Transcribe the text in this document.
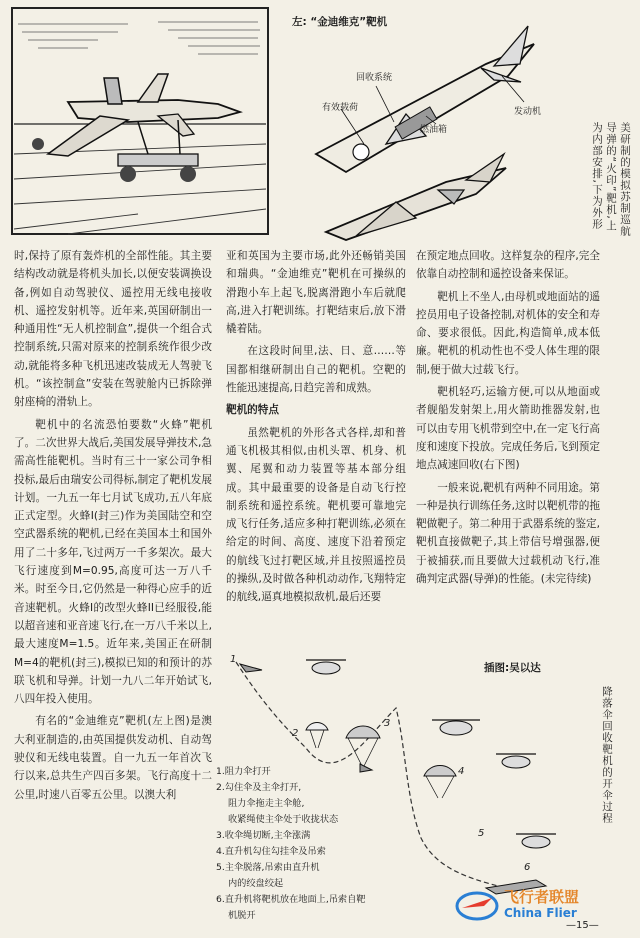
左: “金迪维克”靶机
回收系统
有效载荷
燃油箱
发动机
美研制的模拟苏制巡航导弹的“火印”靶机,上为内部安排,下为外形

时,保持了原有轰炸机的全部性能。其主要结构改动就是将机头加长,以便安装调换设备,例如自动驾驶仪、遥控用无线电接收机、遥控发射机等。近年来,英国研制出一种通用性“无人机控制盒”,提供一个组合式控制系统,只需对原来的控制系统作很少改动,就能将多种飞机迅速改装成无人驾驶飞机。“该控制盒”安装在驾驶舱内已拆除弹射座椅的滑轨上。

靶机中的名流恐怕要数“火蜂”靶机了。二次世界大战后,美国发展导弹技术,急需高性能靶机。当时有三十一家公司争相投标,最后由瑞安公司得标,制定了靶机发展计划。一九五一年七月试飞成功,五八年底正式定型。火蜂I(封三)作为美国陆空和空空武器系统的靶机,已经在美国本土和国外用了二十多年,飞过两万一千多架次。最大飞行速度到M=0.95,高度可达一万八千米。时至今日,它仍然是一种得心应手的近音速靶机。火蜂I的改型火蜂II已经服役,能以超音速和亚音速飞行,在一万八千米以上,最大速度M=1.5。近年来,美国正在研制M=4的靶机(封三),模拟已知的和预计的苏联飞机和导弹。计划一九八二年开始试飞,八四年投入使用。

有名的“金迪维克”靶机(左上图)是澳大利亚制造的,由英国提供发动机、自动驾驶仪和无线电装置。自一九五一年首次飞行以来,总共生产四百多架。飞行高度十二公里,时速八百零五公里。以澳大利

亚和英国为主要市场,此外还畅销美国和瑞典。“金迪维克”靶机在可操纵的滑跑小车上起飞,脱离滑跑小车后就爬高,进入打靶训练。打靶结束后,放下滑橇着陆。

在这段时间里,法、日、意……等国都相继研制出自己的靶机。空靶的性能迅速提高,日趋完善和成熟。

靶机的特点

虽然靶机的外形各式各样,却和普通飞机极其相似,由机头罩、机身、机翼、尾翼和动力装置等基本部分组成。其中最重要的设备是自动飞行控制系统和遥控系统。靶机要可靠地完成飞行任务,适应多种打靶训练,必须在给定的时间、高度、速度下沿着预定的航线飞过打靶区域,并且按照遥控员的操纵,及时做各种机动动作,飞翔特定的航线,逼真地模拟敌机,最后还要

在预定地点回收。这样复杂的程序,完全依靠自动控制和遥控设备来保证。

靶机上不坐人,由母机或地面站的遥控员用电子设备控制,对机体的安全和寿命、要求很低。因此,构造简单,成本低廉。靶机的机动性也不受人体生理的限制,便于做大过载飞行。

靶机轻巧,运输方便,可以从地面或者舰船发射架上,用火箭助推器发射,也可以由专用飞机带到空中,在一定飞行高度和速度下投放。完成任务后,飞到预定地点减速回收(右下图)

一般来说,靶机有两种不同用途。第一种是执行训练任务,这时以靶机带的拖靶做靶子。第二种用于武器系统的鉴定,靶机直接做靶子,其上带信号增强器,便于被捕获,而且要做大过载机动飞行,准确判定武器(导弹)的性能。(未完待续)

插图:吴以达
1
2
3
4
5
6
1.阻力伞打开
2.勾住伞及主伞打开,
阻力伞拖走主伞舱,
收紧绳使主伞处于收拢状态
3.收伞绳切断,主伞涨满
4.直升机勾住勾挂伞及吊索
5.主伞脱落,吊索由直升机
内的绞盘绞起
6.直升机将靶机放在地面上,吊索自靶
机脱开
降落伞回收靶机的开伞过程
飞行者联盟
China Flier
—15—
